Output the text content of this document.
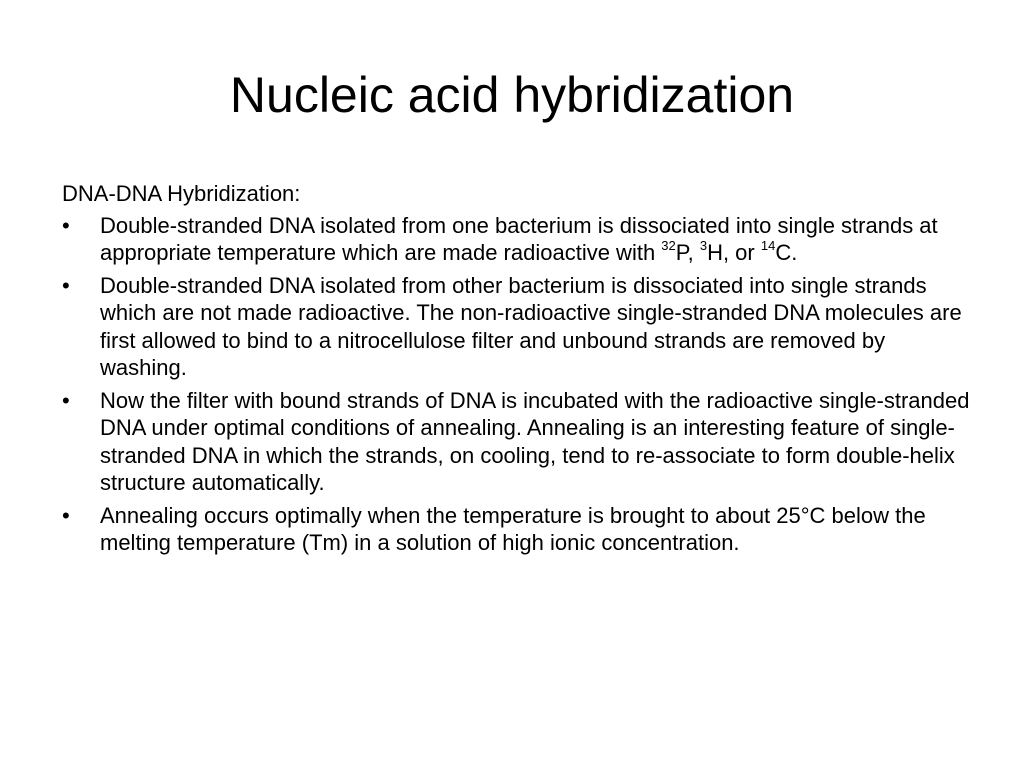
Nucleic acid hybridization

DNA-DNA Hybridization:

•	Double-stranded DNA isolated from one bacterium is dissociated into single strands at appropriate temperature which are made radioactive with $^{32}$P, $^3$H, or $^{14}$C.
•	Double-stranded DNA isolated from other bacterium is dissociated into single strands which are not made radioactive. The non-radioactive single-stranded DNA molecules are first allowed to bind to a nitrocellulose filter and unbound strands are removed by washing.
•	Now the filter with bound strands of DNA is incubated with the radioactive single-stranded DNA under optimal conditions of annealing. Annealing is an interesting feature of single-stranded DNA in which the strands, on cooling, tend to re-associate to form double-helix structure automatically.
•	Annealing occurs optimally when the temperature is brought to about 25°C below the melting temperature (Tm) in a solution of high ionic concentration.
